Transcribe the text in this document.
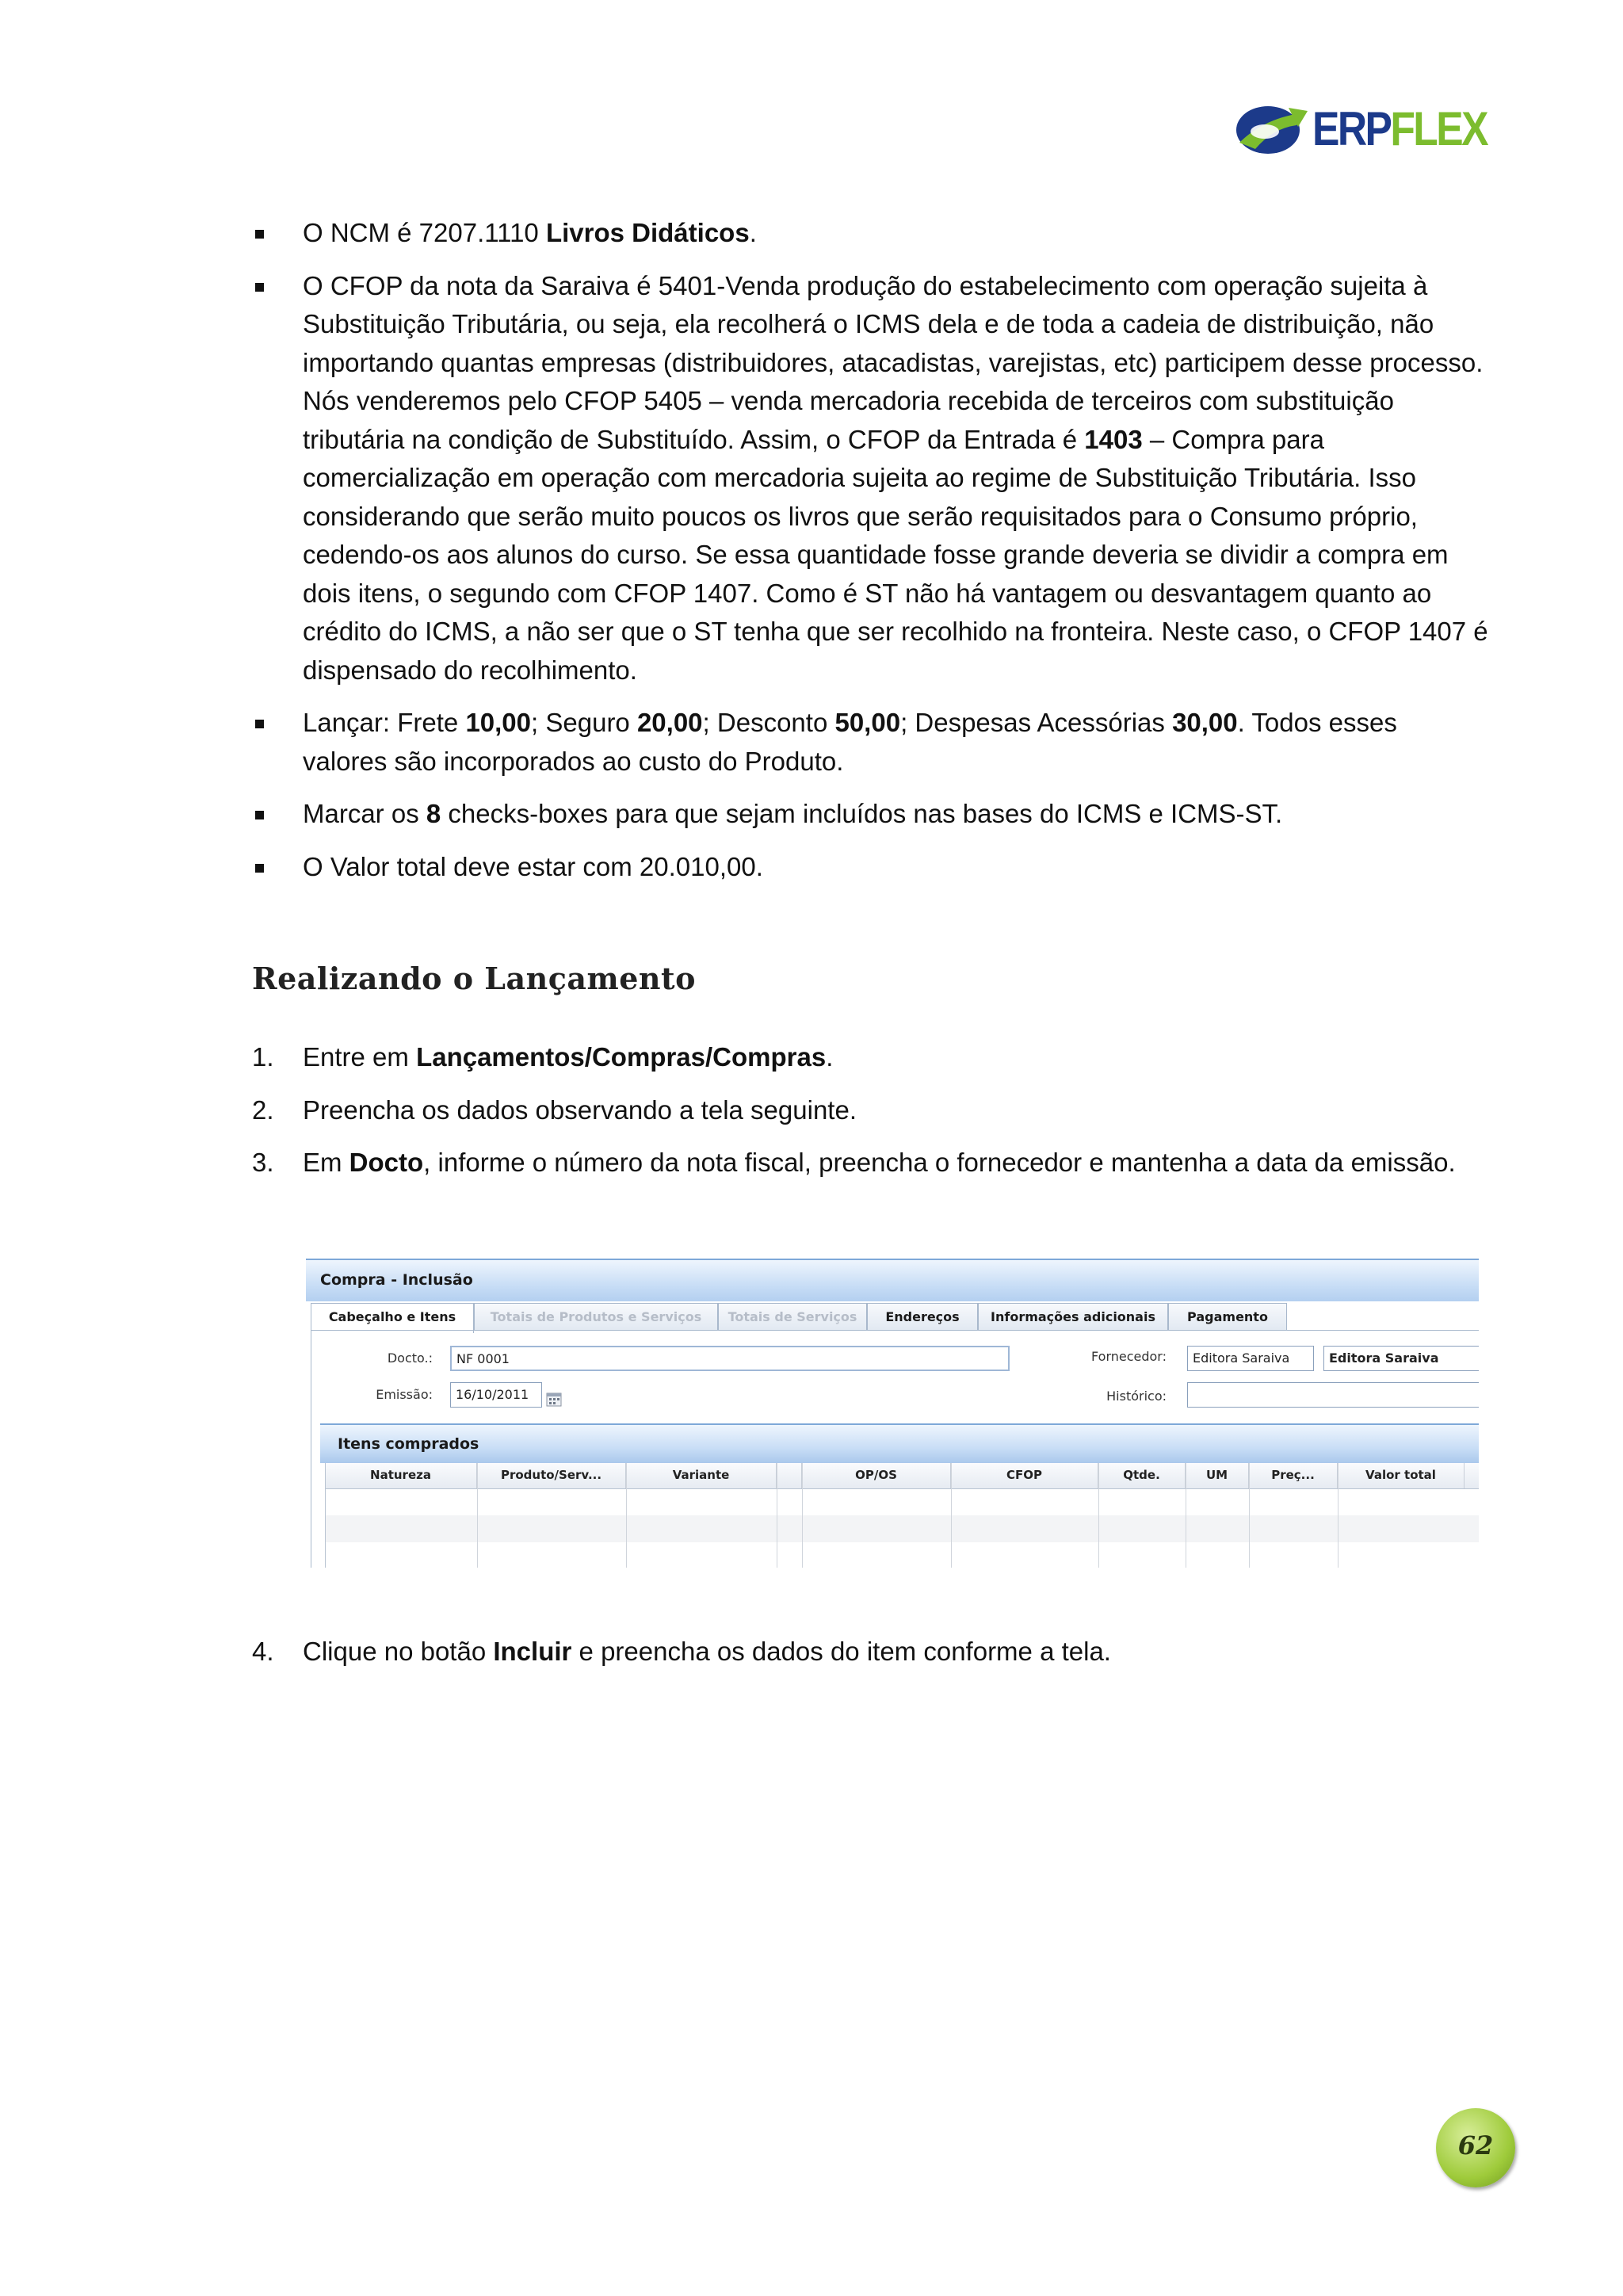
ERPFLEX
O NCM é 7207.1110 Livros Didáticos.
O CFOP da nota da Saraiva é 5401-Venda produção do estabelecimento com operação sujeita à Substituição Tributária, ou seja, ela recolherá o ICMS dela e de toda a cadeia de distribuição, não importando quantas empresas (distribuidores, atacadistas, varejistas, etc) participem desse processo. Nós venderemos pelo CFOP 5405 – venda mercadoria recebida de terceiros com substituição tributária na condição de Substituído. Assim, o CFOP da Entrada é 1403 – Compra para comercialização em operação com mercadoria sujeita ao regime de Substituição Tributária. Isso considerando que serão muito poucos os livros que serão requisitados para o Consumo próprio, cedendo-os aos alunos do curso. Se essa quantidade fosse grande deveria se dividir a compra em dois itens, o segundo com CFOP 1407. Como é ST não há vantagem ou desvantagem quanto ao crédito do ICMS, a não ser que o ST tenha que ser recolhido na fronteira. Neste caso, o CFOP 1407 é dispensado do recolhimento.
Lançar: Frete 10,00; Seguro 20,00; Desconto 50,00; Despesas Acessórias 30,00. Todos esses valores são incorporados ao custo do Produto.
Marcar os 8 checks-boxes para que sejam incluídos nas bases do ICMS e ICMS-ST.
O Valor total deve estar com 20.010,00.
Realizando o Lançamento
1. Entre em Lançamentos/Compras/Compras.
2. Preencha os dados observando a tela seguinte.
3. Em Docto, informe o número da nota fiscal, preencha o fornecedor e mantenha a data da emissão.
Compra - Inclusão
Cabeçalho e Itens	Totais de Produtos e Serviços	Totais de Serviços	Endereços	Informações adicionais	Pagamento
Docto.:	NF 0001
Emissão:	16/10/2011
Fornecedor:	Editora Saraiva	Editora Saraiva
Histórico:
Itens comprados
Natureza	Produto/Serv...	Variante	OP/OS	CFOP	Qtde.	UM	Preç...	Valor total
4. Clique no botão Incluir e preencha os dados do item conforme a tela.
62
